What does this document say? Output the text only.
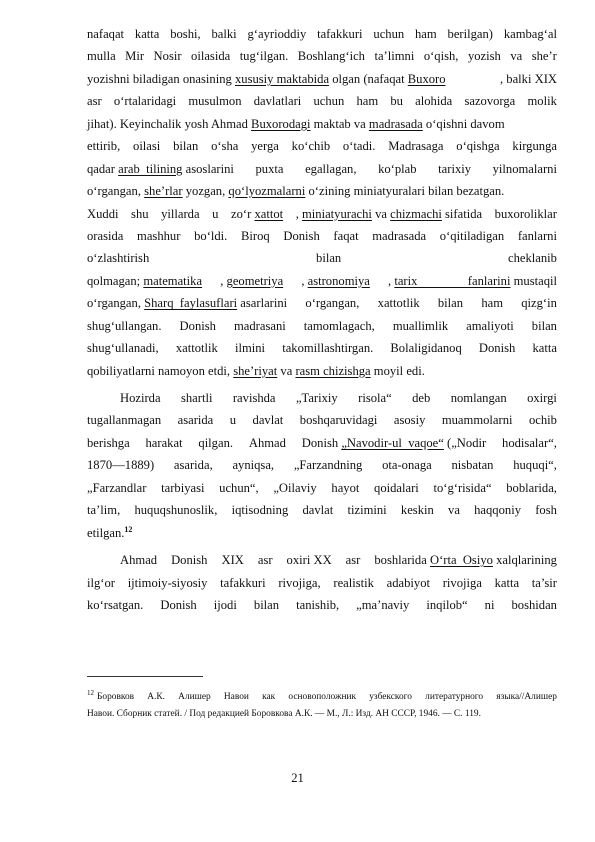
nafaqat katta boshi, balki g‘ayrioddiy tafakkuri uchun ham berilgan) kambag‘al
mulla Mir Nosir oilasida tug‘ilgan. Boshlang‘ich ta’limni o‘qish, yozish va she’r
yozishni biladigan onasining xususiy maktabida olgan (nafaqat Buxoro	, balki XIX
asr o‘rtalaridagi musulmon davlatlari uchun ham bu alohida sazovorga molik
jihat). Keyinchalik yosh Ahmad Buxorodagi maktab va madrasada o‘qishni davom
ettirib, oilasi bilan o‘sha yerga ko‘chib o‘tadi. Madrasaga o‘qishga kirgunga
qadar arab  tilining asoslarini puxta egallagan, ko‘plab tarixiy yilnomalarni
o‘rgangan, she’rlar yozgan, qo‘lyozmalarni o‘zining miniatyuralari bilan bezatgan.
Xuddi shu yillarda u zo‘r xattot , miniatyurachi va chizmachi sifatida buxoroliklar
orasida mashhur bo‘ldi. Biroq Donish faqat madrasada o‘qitiladigan fanlarni
o‘zlashtirish	bilan	cheklanib
qolmagan; matematika , geometriya , astronomiya , tarix                fanlarini mustaqil
o‘rgangan, Sharq  faylasuflari asarlarini o‘rgangan, xattotlik bilan ham qizg‘in
shug‘ullangan. Donish madrasani tamomlagach, muallimlik amaliyoti bilan
shug‘ullanadi, xattotlik ilmini takomillashtirgan. Bolaligidanoq Donish katta
qobiliyatlarni namoyon etdi, she’riyat va rasm chizishga moyil edi.
Hozirda shartli ravishda „Tarixiy risola“ deb nomlangan oxirgi
tugallanmagan asarida u davlat boshqaruvidagi asosiy muammolarni ochib
berishga harakat qilgan. Ahmad Donish „Navodir-ul  vaqoe“ („Nodir hodisalar“,
1870—1889) asarida, ayniqsa, „Farzandning ota-onaga nisbatan huquqi“,
„Farzandlar tarbiyasi uchun“, „Oilaviy hayot qoidalari to‘g‘risida“ boblarida,
ta’lim, huquqshunoslik, iqtisodning davlat tizimini keskin va haqqoniy fosh
etilgan.$^{12}$
Ahmad Donish XIX asr oxiri XX asr boshlarida O‘rta  Osiyo xalqlarining
ilg‘or ijtimoiy-siyosiy tafakkuri rivojiga, realistik adabiyot rivojiga katta ta’sir
ko‘rsatgan. Donish ijodi bilan tanishib, „ma’naviy inqilob“ ni boshidan
$^{12}$ Боровков А.К. Алишер Навои как основоположник узбекского литературного языка//Алишер
Навои. Сборник статей. / Под редакцией Боровкова А.К. — М., Л.: Изд. АН СССР, 1946. — С. 119.
21
